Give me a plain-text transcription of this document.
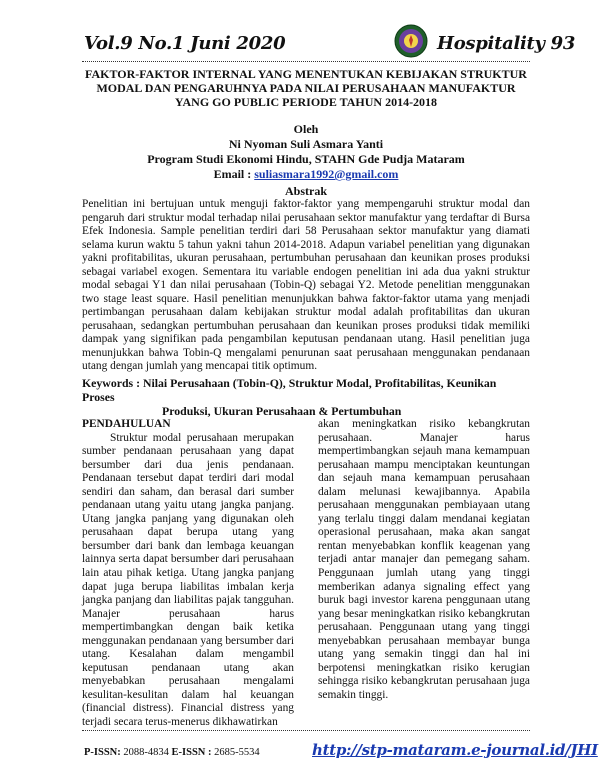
Vol.9 No.1 Juni 2020	Hospitality 93
FAKTOR-FAKTOR INTERNAL YANG MENENTUKAN KEBIJAKAN STRUKTUR MODAL DAN PENGARUHNYA PADA NILAI PERUSAHAAN MANUFAKTUR YANG GO PUBLIC PERIODE TAHUN 2014-2018
Oleh
Ni Nyoman Suli Asmara Yanti
Program Studi Ekonomi Hindu, STAHN Gde Pudja Mataram
Email : suliasmara1992@gmail.com
Abstrak
Penelitian ini bertujuan untuk menguji faktor-faktor yang mempengaruhi struktur modal dan pengaruh dari struktur modal terhadap nilai perusahaan sektor manufaktur yang terdaftar di Bursa Efek Indonesia. Sample penelitian terdiri dari 58 Perusahaan sektor manufaktur yang diamati selama kurun waktu 5 tahun yakni tahun 2014-2018. Adapun variabel penelitian yang digunakan yakni profitabilitas, ukuran perusahaan, pertumbuhan perusahaan dan keunikan proses produksi sebagai variabel exogen. Sementara itu variable endogen penelitian ini ada dua yakni struktur modal sebagai Y1 dan nilai perusahaan (Tobin-Q) sebagai Y2. Metode penelitian menggunakan two stage least square. Hasil penelitian menunjukkan bahwa faktor-faktor utama yang menjadi pertimbangan perusahaan dalam kebijakan struktur modal adalah profitabilitas dan ukuran perusahaan, sedangkan pertumbuhan perusahaan dan keunikan proses produksi tidak memiliki dampak yang signifikan pada pengambilan keputusan pendanaan utang. Hasil penelitian juga menunjukkan bahwa Tobin-Q mengalami penurunan saat perusahaan menggunakan pendanaan utang dengan jumlah yang mencapai titik optimum.
Keywords : Nilai Perusahaan (Tobin-Q), Struktur Modal, Profitabilitas, Keunikan Proses
Produksi, Ukuran Perusahaan & Pertumbuhan

PENDAHULUAN

Struktur modal perusahaan merupakan sumber pendanaan perusahaan yang dapat bersumber dari dua jenis pendanaan. Pendanaan tersebut dapat terdiri dari modal sendiri dan saham, dan berasal dari sumber pendanaan utang yaitu utang jangka panjang. Utang jangka panjang yang digunakan oleh perusahaan dapat berupa utang yang bersumber dari bank dan lembaga keuangan lainnya serta dapat bersumber dari perusahaan lain atau pihak ketiga. Utang jangka panjang dapat juga berupa liabilitas imbalan kerja jangka panjang dan liabilitas pajak tangguhan. Manajer perusahaan harus mempertimbangkan dengan baik ketika menggunakan pendanaan yang bersumber dari utang. Kesalahan dalam mengambil keputusan pendanaan utang akan menyebabkan perusahaan mengalami kesulitan-kesulitan dalam hal keuangan (financial distress). Financial distress yang terjadi secara terus-menerus dikhawatirkan

akan meningkatkan risiko kebangkrutan perusahaan. Manajer harus mempertimbangkan sejauh mana kemampuan perusahaan mampu menciptakan keuntungan dan sejauh mana kemampuan perusahaan dalam melunasi kewajibannya. Apabila perusahaan menggunakan pembiayaan utang yang terlalu tinggi dalam mendanai kegiatan operasional perusahaan, maka akan sangat rentan menyebabkan konflik keagenan yang terjadi antar manajer dan pemegang saham. Penggunaan jumlah utang yang tinggi memberikan adanya signaling effect yang buruk bagi investor karena penggunaan utang yang besar meningkatkan risiko kebangkrutan perusahaan. Penggunaan utang yang tinggi menyebabkan perusahaan membayar bunga utang yang semakin tinggi dan hal ini berpotensi meningkatkan risiko kerugian sehingga risiko kebangkrutan perusahaan juga semakin tinggi.

P-ISSN: 2088-4834 E-ISSN : 2685-5534	http://stp-mataram.e-journal.id/JHI
